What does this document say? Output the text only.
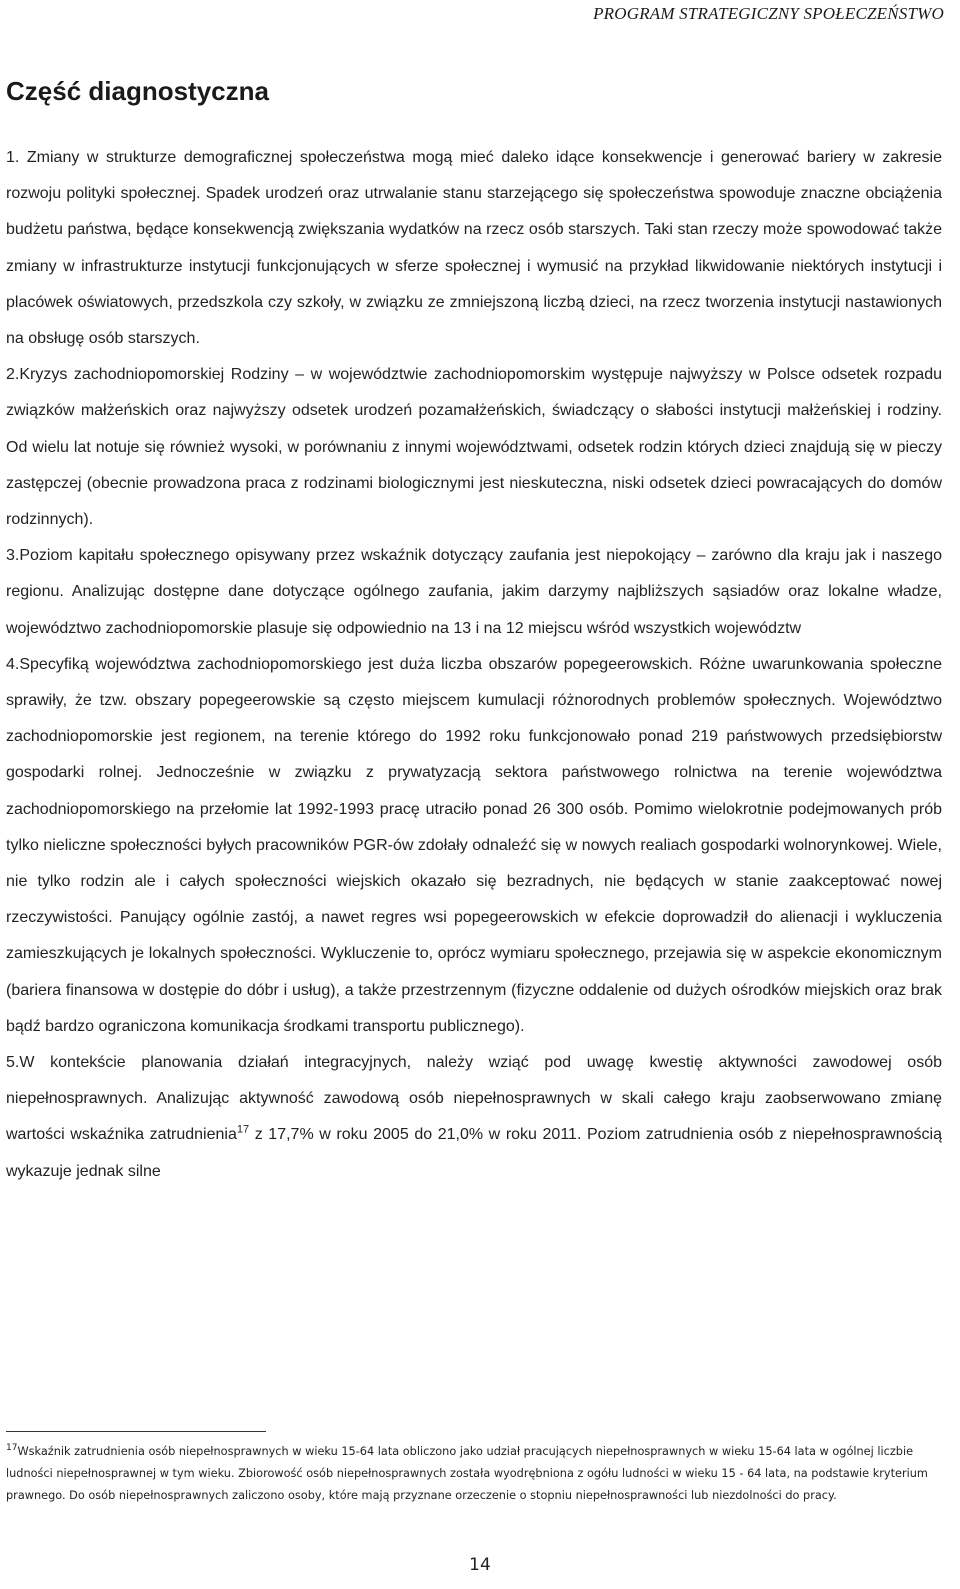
PROGRAM STRATEGICZNY SPOŁECZEŃSTWO
Część diagnostyczna

1. Zmiany w strukturze demograficznej społeczeństwa mogą mieć daleko idące konsekwencje i generować bariery w zakresie rozwoju polityki społecznej. Spadek urodzeń oraz utrwalanie stanu starzejącego się społeczeństwa spowoduje znaczne obciążenia budżetu państwa, będące konsekwencją zwiększania wydatków na rzecz osób starszych. Taki stan rzeczy może spowodować także zmiany w infrastrukturze instytucji funkcjonujących w sferze społecznej i wymusić na przykład likwidowanie niektórych instytucji i placówek oświatowych, przedszkola czy szkoły, w związku ze zmniejszoną liczbą dzieci, na rzecz tworzenia instytucji nastawionych na obsługę osób starszych.

2.Kryzys zachodniopomorskiej Rodziny – w województwie zachodniopomorskim występuje najwyższy w Polsce odsetek rozpadu związków małżeńskich oraz najwyższy odsetek urodzeń pozamałżeńskich, świadczący o słabości instytucji małżeńskiej i rodziny. Od wielu lat notuje się również wysoki, w porównaniu z innymi województwami, odsetek rodzin których dzieci znajdują się w pieczy zastępczej (obecnie prowadzona praca z rodzinami biologicznymi jest nieskuteczna, niski odsetek dzieci powracających do domów rodzinnych).

3.Poziom kapitału społecznego opisywany przez wskaźnik dotyczący zaufania jest niepokojący – zarówno dla kraju jak i naszego regionu. Analizując dostępne dane dotyczące ogólnego zaufania, jakim darzymy najbliższych sąsiadów oraz lokalne władze, województwo zachodniopomorskie plasuje się odpowiednio na 13 i na 12 miejscu wśród wszystkich województw

4.Specyfiką województwa zachodniopomorskiego jest duża liczba obszarów popegeerowskich. Różne uwarunkowania społeczne sprawiły, że tzw. obszary popegeerowskie są często miejscem kumulacji różnorodnych problemów społecznych. Województwo zachodniopomorskie jest regionem, na terenie którego do 1992 roku funkcjonowało ponad 219 państwowych przedsiębiorstw gospodarki rolnej. Jednocześnie w związku z prywatyzacją sektora państwowego rolnictwa na terenie województwa zachodniopomorskiego na przełomie lat 1992-1993 pracę utraciło ponad 26 300 osób. Pomimo wielokrotnie podejmowanych prób tylko nieliczne społeczności byłych pracowników PGR-ów zdołały odnaleźć się w nowych realiach gospodarki wolnorynkowej. Wiele, nie tylko rodzin ale i całych społeczności wiejskich okazało się bezradnych, nie będących w stanie zaakceptować nowej rzeczywistości. Panujący ogólnie zastój, a nawet regres wsi popegeerowskich w efekcie doprowadził do alienacji i wykluczenia zamieszkujących je lokalnych społeczności. Wykluczenie to, oprócz wymiaru społecznego, przejawia się w aspekcie ekonomicznym (bariera finansowa w dostępie do dóbr i usług), a także przestrzennym (fizyczne oddalenie od dużych ośrodków miejskich oraz brak bądź bardzo ograniczona komunikacja środkami transportu publicznego).

5.W kontekście planowania działań integracyjnych, należy wziąć pod uwagę kwestię aktywności zawodowej osób niepełnosprawnych. Analizując aktywność zawodową osób niepełnosprawnych w skali całego kraju zaobserwowano zmianę wartości wskaźnika zatrudnienia$^{17}$ z 17,7% w roku 2005 do 21,0% w roku 2011. Poziom zatrudnienia osób z niepełnosprawnością wykazuje jednak silne

$^{17}$Wskaźnik zatrudnienia osób niepełnosprawnych w wieku 15-64 lata obliczono jako udział pracujących niepełnosprawnych w wieku 15-64 lata w ogólnej liczbie ludności niepełnosprawnej w tym wieku. Zbiorowość osób niepełnosprawnych została wyodrębniona z ogółu ludności w wieku 15 - 64 lata, na podstawie kryterium prawnego. Do osób niepełnosprawnych zaliczono osoby, które mają przyznane orzeczenie o stopniu niepełnosprawności lub niezdolności do pracy.
14
